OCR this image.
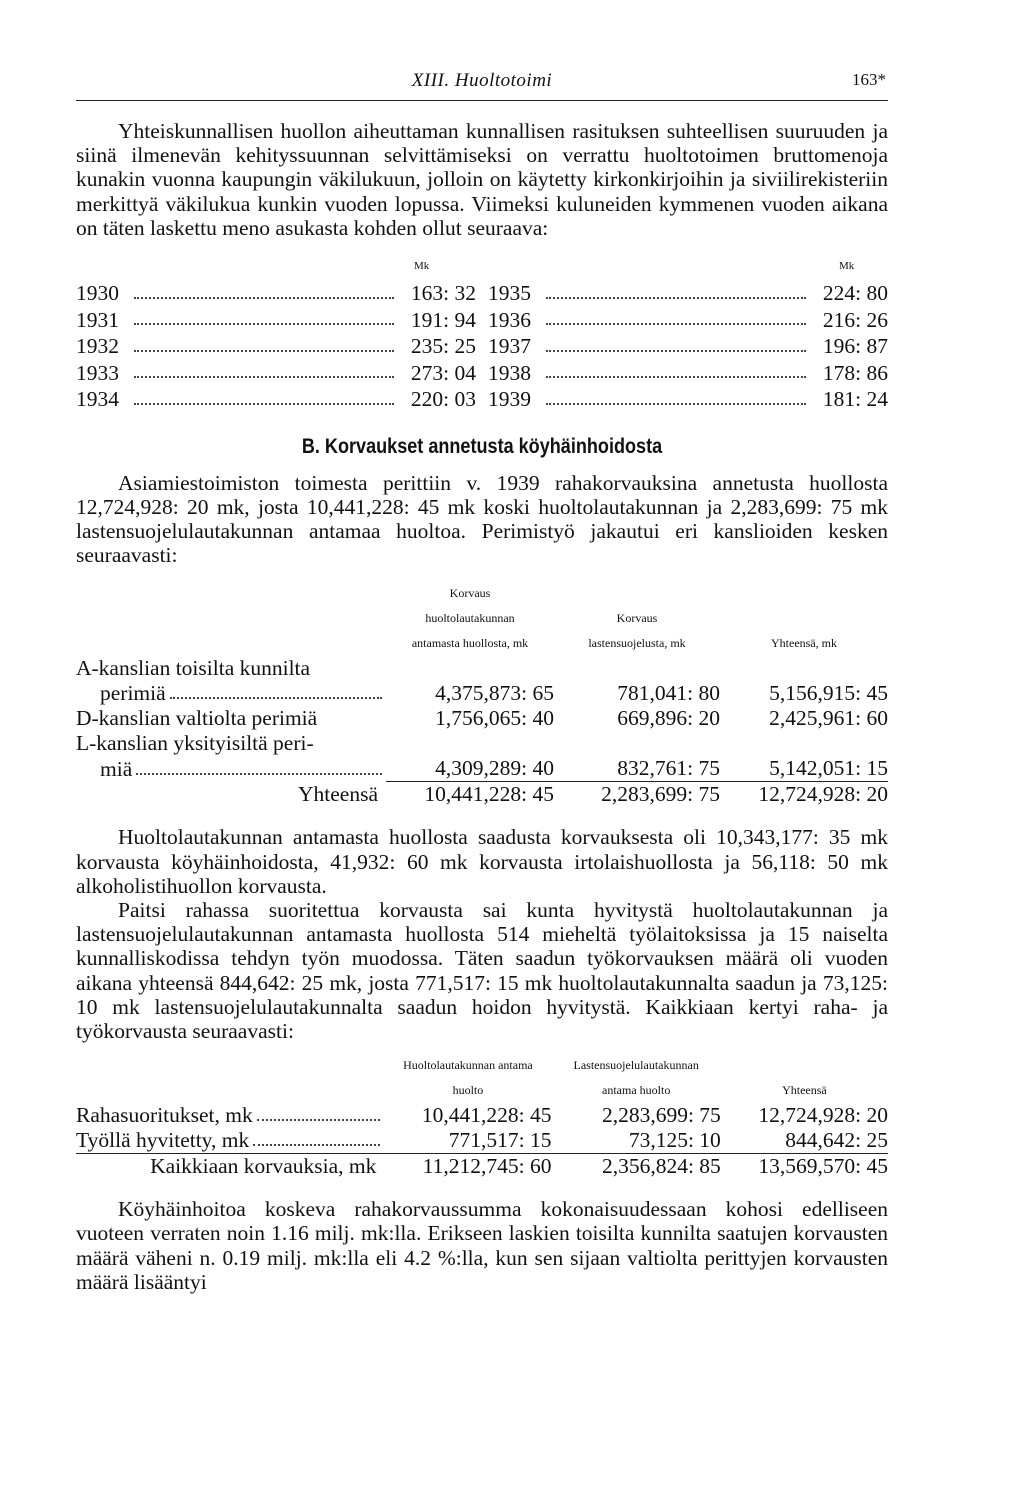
XIII. Huoltotoimi	163*

Yhteiskunnallisen huollon aiheuttaman kunnallisen rasituksen suhteellisen suuruuden ja siinä ilmenevän kehityssuunnan selvittämiseksi on verrattu huoltotoimen bruttomenoja kunakin vuonna kaupungin väkilukuun, jolloin on käytetty kirkonkirjoihin ja siviilirekisteriin merkittyä väkilukua kunkin vuoden lopussa. Viimeksi kuluneiden kymmenen vuoden aikana on täten laskettu meno asukasta kohden ollut seuraava:

Mk	Mk
1930	163: 32 1935	224: 80
1931	191: 94 1936	216: 26
1932	235: 25 1937	196: 87
1933	273: 04 1938	178: 86
1934	220: 03 1939	181: 24
B. Korvaukset annetusta köyhäinhoidosta

Asiamiestoimiston toimesta perittiin v. 1939 rahakorvauksina annetusta huollosta 12,724,928: 20 mk, josta 10,441,228: 45 mk koski huoltolautakunnan ja 2,283,699: 75 mk lastensuojelulautakunnan antamaa huoltoa. Perimistyö jakautui eri kanslioiden kesken seuraavasti:

	Korvaus huoltolautakunnan antamasta huollosta, mk	Korvaus lastensuojelusta, mk	Yhteensä, mk
A-kanslian toisilta kunnilta			

perimiä	4,375,873: 65	781,041: 80	5,156,915: 45
D-kanslian valtiolta perimiä	1,756,065: 40	669,896: 20	2,425,961: 60
L-kanslian yksityisiltä peri-			

miä	4,309,289: 40	832,761: 75	5,142,051: 15
Yhteensä	10,441,228: 45	2,283,699: 75	12,724,928: 20

Huoltolautakunnan antamasta huollosta saadusta korvauksesta oli 10,343,177: 35 mk korvausta köyhäinhoidosta, 41,932: 60 mk korvausta irtolaishuollosta ja 56,118: 50 mk alkoholistihuollon korvausta.

Paitsi rahassa suoritettua korvausta sai kunta hyvitystä huoltolautakunnan ja lastensuojelulautakunnan antamasta huollosta 514 mieheltä työlaitoksissa ja 15 naiselta kunnalliskodissa tehdyn työn muodossa. Täten saadun työkorvauksen määrä oli vuoden aikana yhteensä 844,642: 25 mk, josta 771,517: 15 mk huoltolautakunnalta saadun ja 73,125: 10 mk lastensuojelulautakunnalta saadun hoidon hyvitystä. Kaikkiaan kertyi raha- ja työkorvausta seuraavasti:

	Huoltolautakunnan antama huolto	Lastensuojelulautakunnan antama huolto	Yhteensä

Rahasuoritukset, mk	10,441,228: 45	2,283,699: 75	12,724,928: 20

Työllä hyvitetty, mk	771,517: 15	73,125: 10	844,642: 25
Kaikkiaan korvauksia, mk	11,212,745: 60	2,356,824: 85	13,569,570: 45

Köyhäinhoitoa koskeva rahakorvaussumma kokonaisuudessaan kohosi edelliseen vuoteen verraten noin 1.16 milj. mk:lla. Erikseen laskien toisilta kunnilta saatujen korvausten määrä väheni n. 0.19 milj. mk:lla eli 4.2 %:lla, kun sen sijaan valtiolta perittyjen korvausten määrä lisääntyi
